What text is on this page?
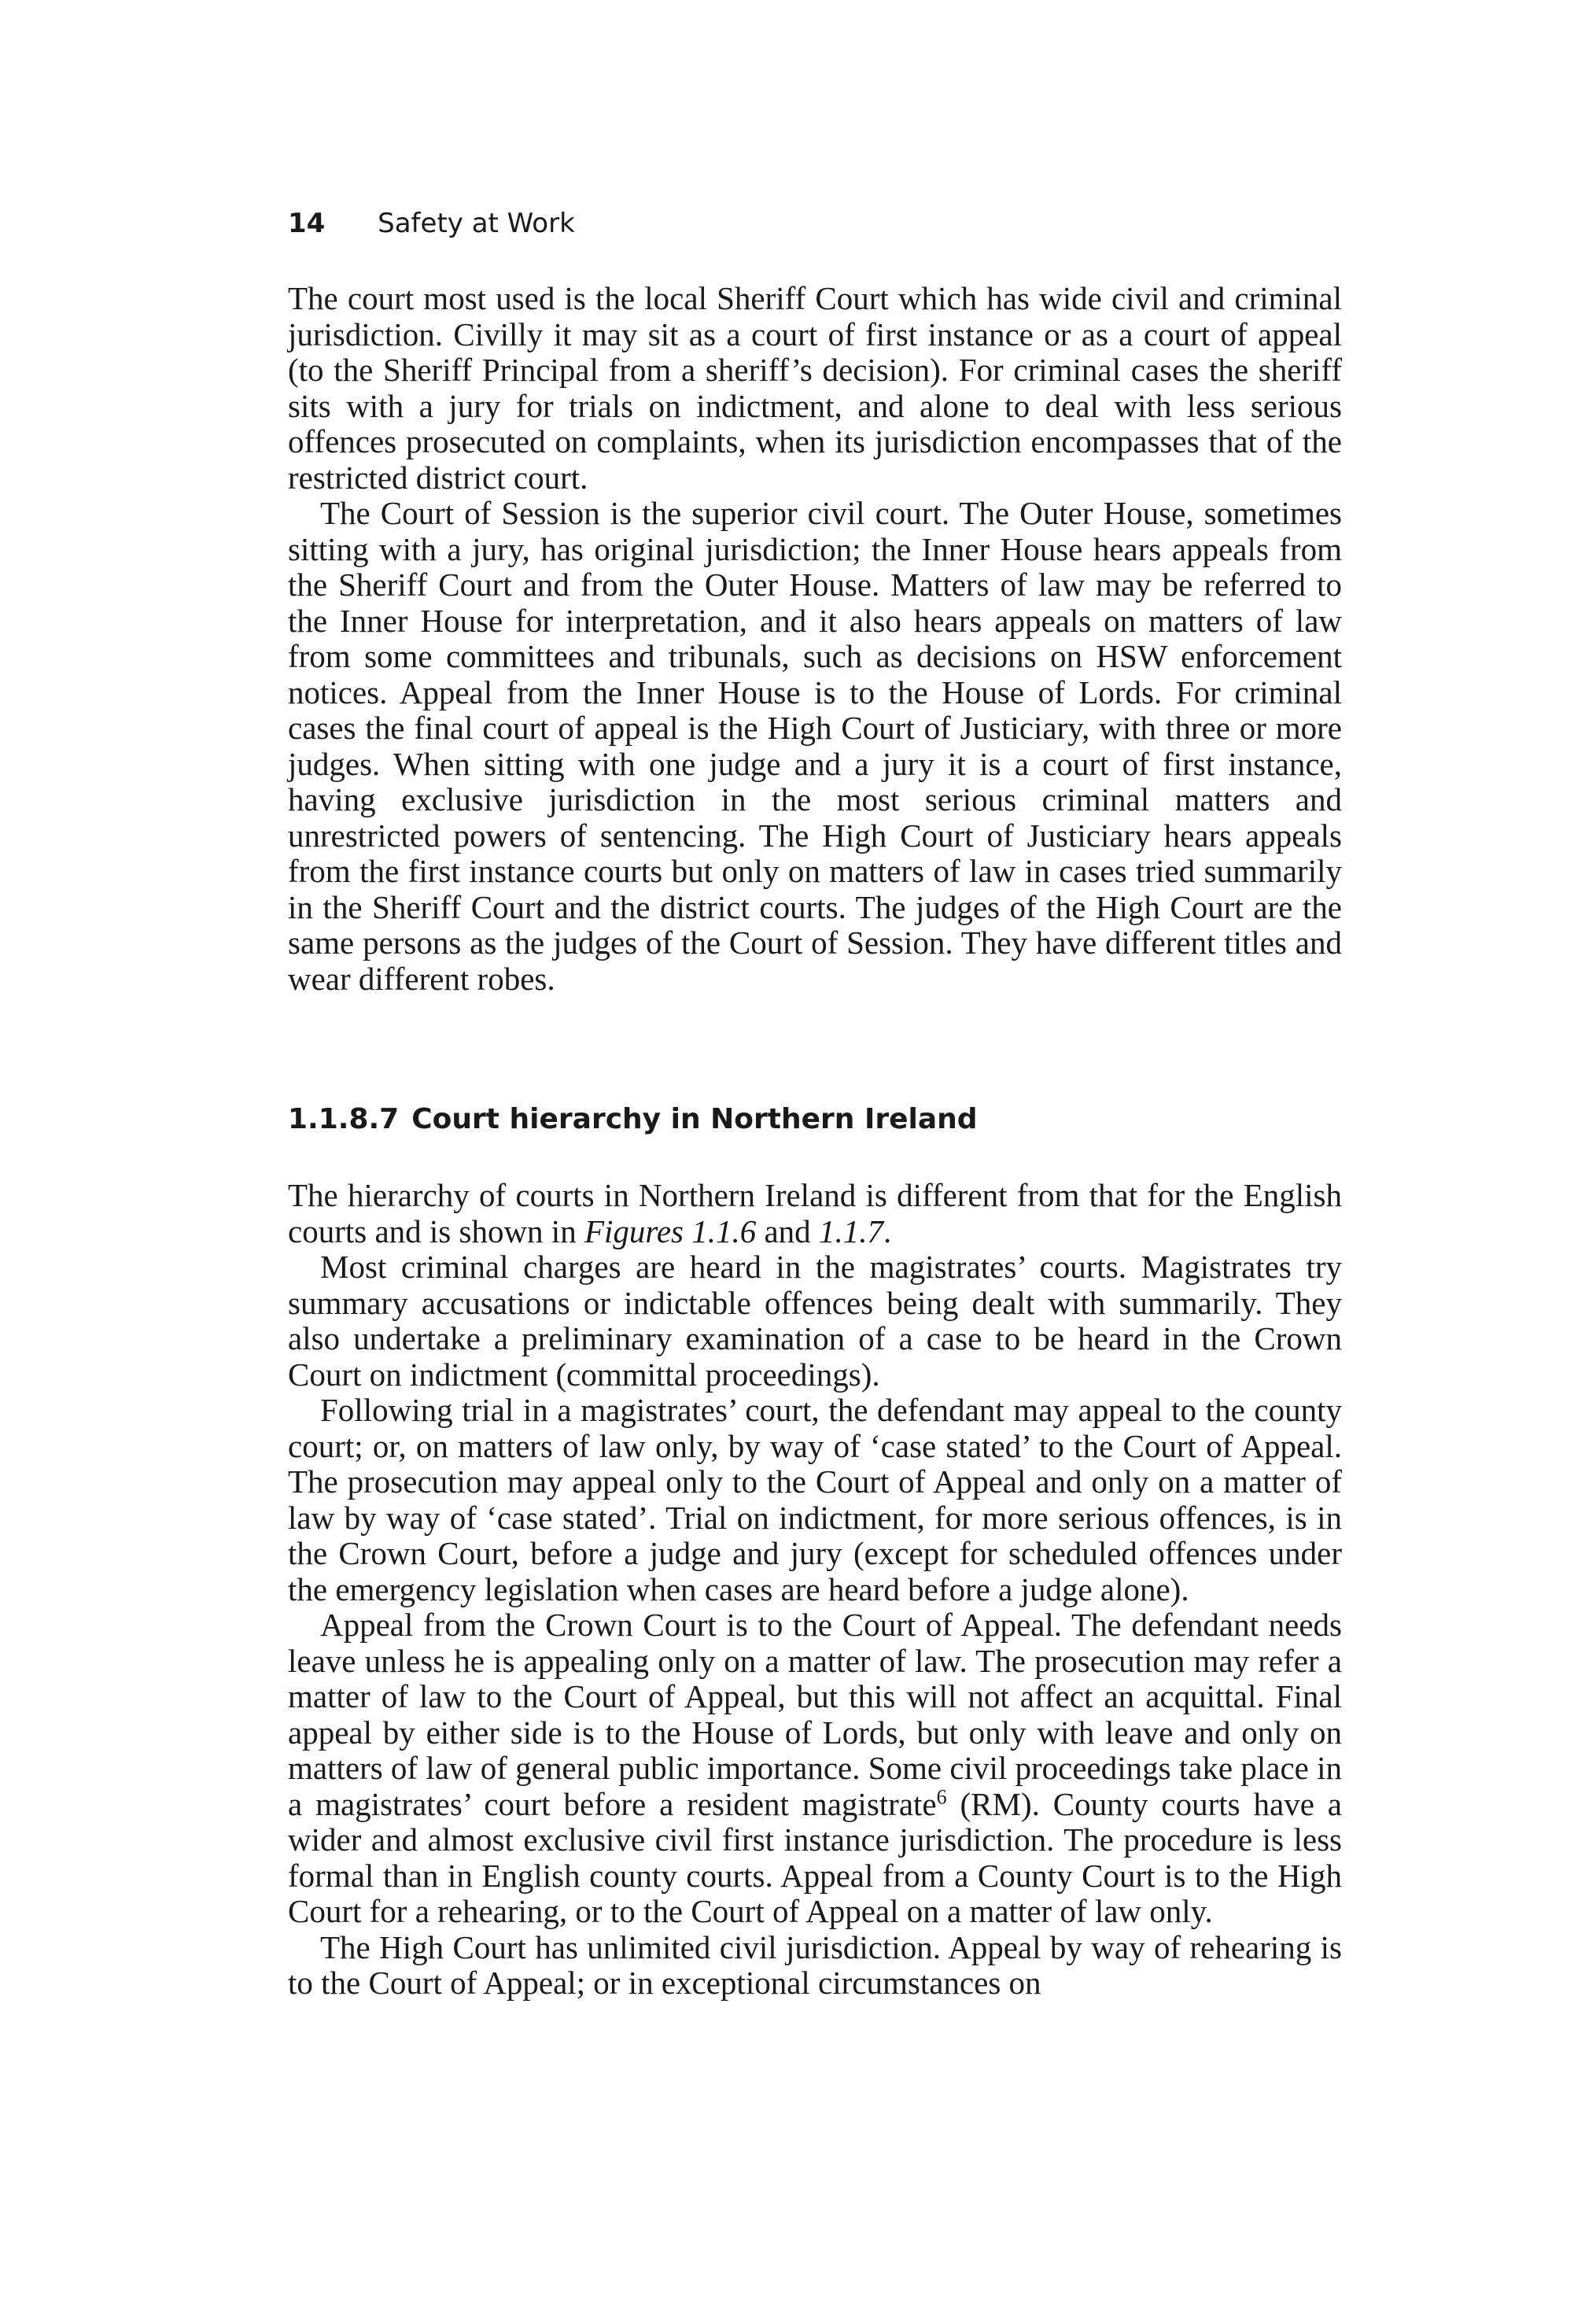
14 Safety at Work

The court most used is the local Sheriff Court which has wide civil and criminal jurisdiction. Civilly it may sit as a court of first instance or as a court of appeal (to the Sheriff Principal from a sheriff’s decision). For criminal cases the sheriff sits with a jury for trials on indictment, and alone to deal with less serious offences prosecuted on complaints, when its jurisdiction encompasses that of the restricted district court.

The Court of Session is the superior civil court. The Outer House, sometimes sitting with a jury, has original jurisdiction; the Inner House hears appeals from the Sheriff Court and from the Outer House. Matters of law may be referred to the Inner House for interpretation, and it also hears appeals on matters of law from some committees and tribunals, such as decisions on HSW enforcement notices. Appeal from the Inner House is to the House of Lords. For criminal cases the final court of appeal is the High Court of Justiciary, with three or more judges. When sitting with one judge and a jury it is a court of first instance, having exclusive jurisdiction in the most serious criminal matters and unrestricted powers of sentencing. The High Court of Justiciary hears appeals from the first instance courts but only on matters of law in cases tried summarily in the Sheriff Court and the district courts. The judges of the High Court are the same persons as the judges of the Court of Session. They have different titles and wear different robes.

1.1.8.7 Court hierarchy in Northern Ireland

The hierarchy of courts in Northern Ireland is different from that for the English courts and is shown in Figures 1.1.6 and 1.1.7.

Most criminal charges are heard in the magistrates’ courts. Magistrates try summary accusations or indictable offences being dealt with summarily. They also undertake a preliminary examination of a case to be heard in the Crown Court on indictment (committal proceedings).

Following trial in a magistrates’ court, the defendant may appeal to the county court; or, on matters of law only, by way of ‘case stated’ to the Court of Appeal. The prosecution may appeal only to the Court of Appeal and only on a matter of law by way of ‘case stated’. Trial on indictment, for more serious offences, is in the Crown Court, before a judge and jury (except for scheduled offences under the emergency legislation when cases are heard before a judge alone).

Appeal from the Crown Court is to the Court of Appeal. The defendant needs leave unless he is appealing only on a matter of law. The prosecution may refer a matter of law to the Court of Appeal, but this will not affect an acquittal. Final appeal by either side is to the House of Lords, but only with leave and only on matters of law of general public importance. Some civil proceedings take place in a magistrates’ court before a resident magistrate$^6$ (RM). County courts have a wider and almost exclusive civil first instance jurisdiction. The procedure is less formal than in English county courts. Appeal from a County Court is to the High Court for a rehearing, or to the Court of Appeal on a matter of law only.

The High Court has unlimited civil jurisdiction. Appeal by way of rehearing is to the Court of Appeal; or in exceptional circumstances on
